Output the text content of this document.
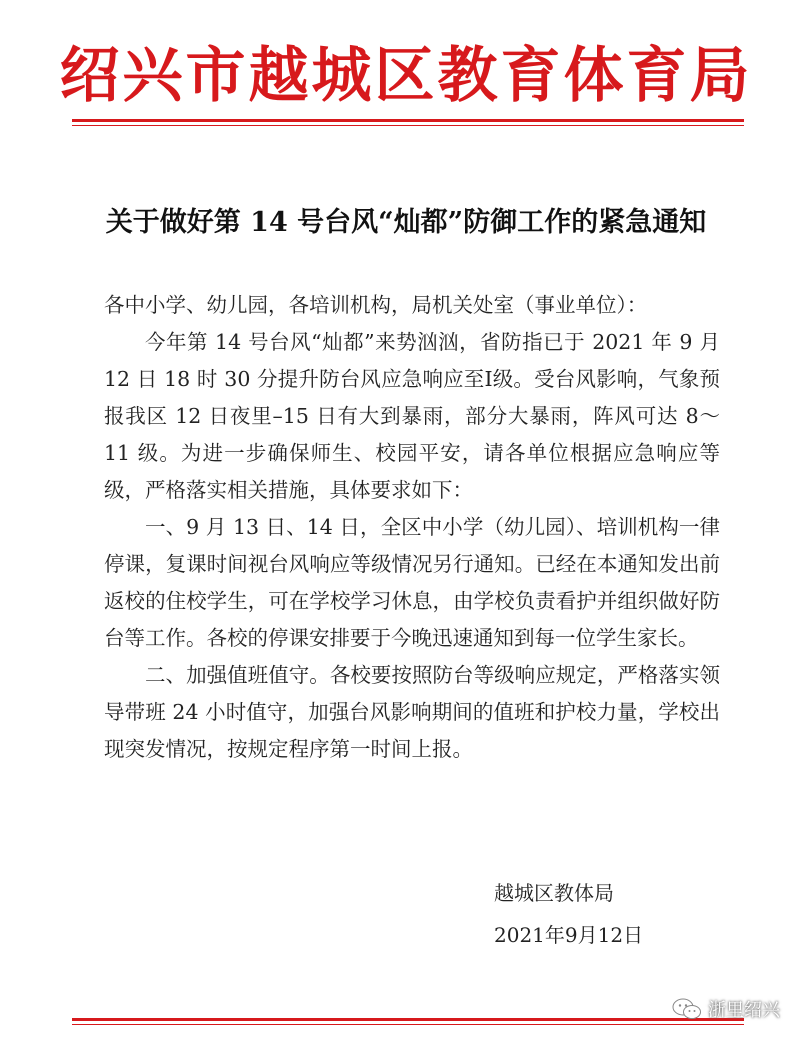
绍兴市越城区教育体育局
关于做好第 14 号台风“灿都”防御工作的紧急通知

各中小学、幼儿园，各培训机构，局机关处室（事业单位）：

今年第 14 号台风“灿都”来势汹汹，省防指已于 2021 年 9 月 12 日 18 时 30 分提升防台风应急响应至Ⅰ级。受台风影响，气象预报我区 12 日夜里–15 日有大到暴雨，部分大暴雨，阵风可达 8～11 级。为进一步确保师生、校园平安，请各单位根据应急响应等级，严格落实相关措施，具体要求如下：

一、9 月 13 日、14 日，全区中小学（幼儿园）、培训机构一律停课，复课时间视台风响应等级情况另行通知。已经在本通知发出前返校的住校学生，可在学校学习休息，由学校负责看护并组织做好防台等工作。各校的停课安排要于今晚迅速通知到每一位学生家长。

二、加强值班值守。各校要按照防台等级响应规定，严格落实领导带班 24 小时值守，加强台风影响期间的值班和护校力量，学校出现突发情况，按规定程序第一时间上报。

越城区教体局
2021年9月12日
浙里绍兴
